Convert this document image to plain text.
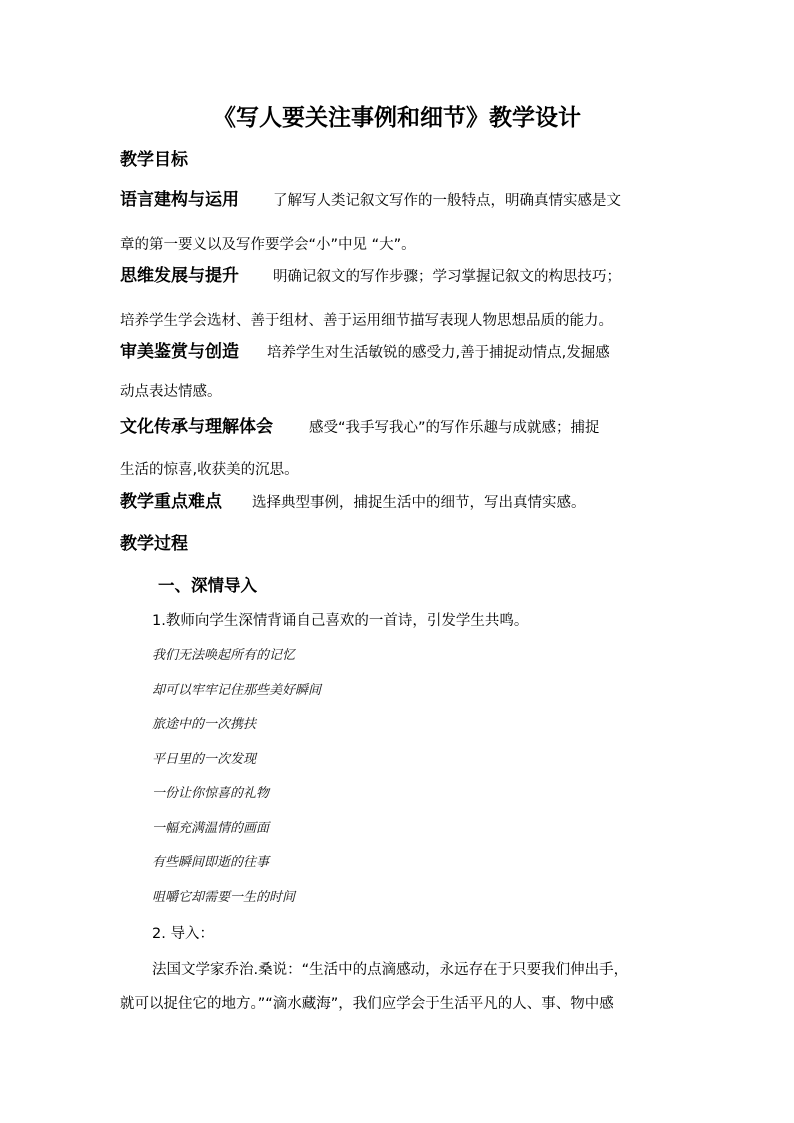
《写人要关注事例和细节》教学设计
教学目标
语言建构与运用 了解写人类记叙文写作的一般特点，明确真情实感是文
章的第一要义以及写作要学会“小”中见 “大”。
思维发展与提升 明确记叙文的写作步骤；学习掌握记叙文的构思技巧；
培养学生学会选材、善于组材、善于运用细节描写表现人物思想品质的能力。
审美鉴赏与创造 培养学生对生活敏锐的感受力,善于捕捉动情点,发掘感
动点表达情感。
文化传承与理解体会 感受“我手写我心”的写作乐趣与成就感；捕捉
生活的惊喜,收获美的沉思。
教学重点难点 选择典型事例，捕捉生活中的细节，写出真情实感。
教学过程
一、深情导入
1.教师向学生深情背诵自己喜欢的一首诗，引发学生共鸣。
我们无法唤起所有的记忆
却可以牢牢记住那些美好瞬间
旅途中的一次携扶
平日里的一次发现
一份让你惊喜的礼物
一幅充满温情的画面
有些瞬间即逝的往事
咀嚼它却需要一生的时间
2. 导入：
法国文学家乔治.桑说：“生活中的点滴感动，永远存在于只要我们伸出手，
就可以捉住它的地方。”“滴水藏海”，我们应学会于生活平凡的人、事、物中感
